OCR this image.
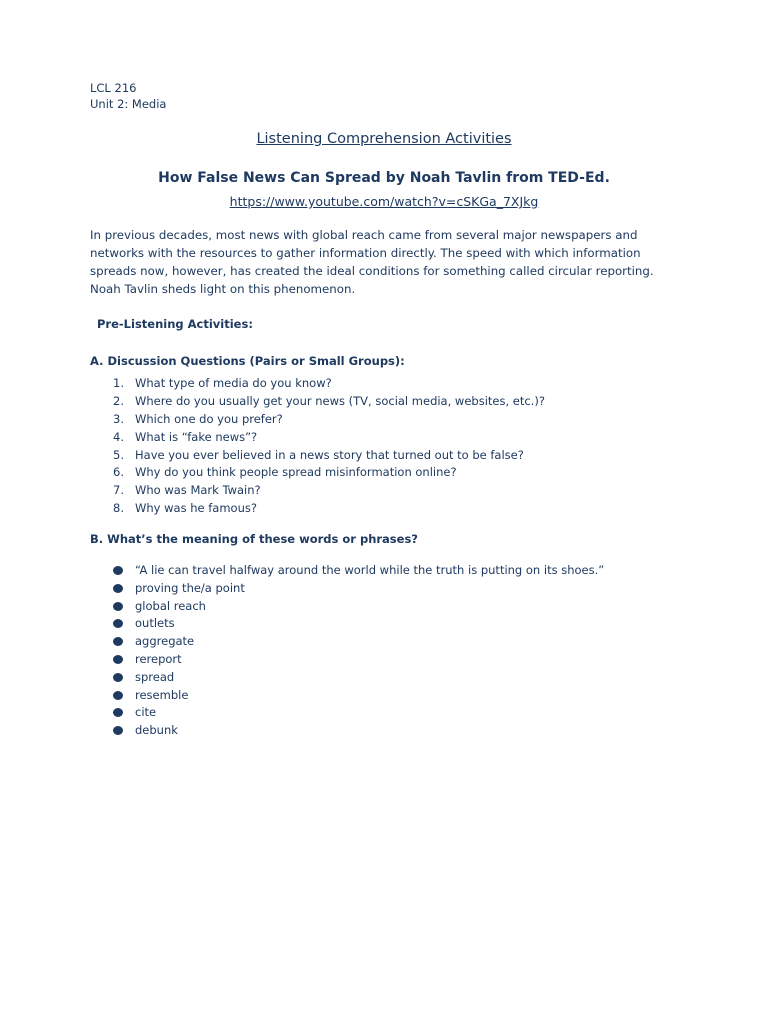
LCL 216
Unit 2: Media
Listening Comprehension Activities
How False News Can Spread by Noah Tavlin from TED-Ed.
https://www.youtube.com/watch?v=cSKGa_7XJkg

In previous decades, most news with global reach came from several major newspapers and networks with the resources to gather information directly. The speed with which information spreads now, however, has created the ideal conditions for something called circular reporting. Noah Tavlin sheds light on this phenomenon.

Pre-Listening Activities:
A. Discussion Questions (Pairs or Small Groups):
1. What type of media do you know?
2. Where do you usually get your news (TV, social media, websites, etc.)?
3. Which one do you prefer?
4. What is “fake news”?
5. Have you ever believed in a news story that turned out to be false?
6. Why do you think people spread misinformation online?
7. Who was Mark Twain?
8. Why was he famous?
B. What’s the meaning of these words or phrases?
“A lie can travel halfway around the world while the truth is putting on its shoes.”
proving the/a point
global reach
outlets
aggregate
rereport
spread
resemble
cite
debunk
